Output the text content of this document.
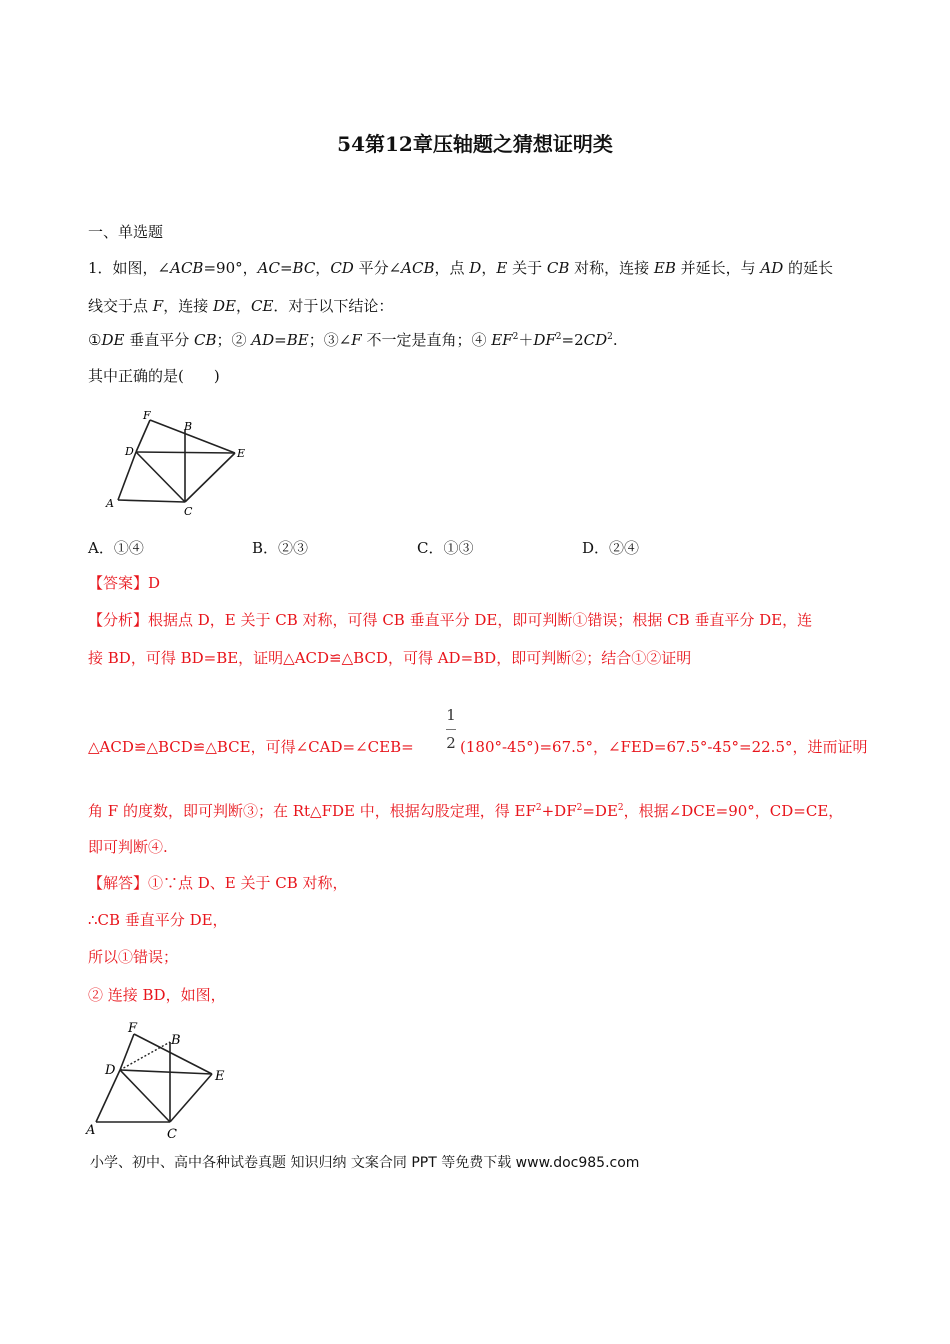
54第12章压轴题之猜想证明类
一、单选题
1．如图，∠ACB=90°，AC=BC，CD 平分∠ACB，点 D，E 关于 CB 对称，连接 EB 并延长，与 AD 的延长
线交于点 F，连接 DE，CE．对于以下结论：
①DE 垂直平分 CB；② AD=BE；③∠F 不一定是直角；④ $EF^2+DF^2=2CD^2$.
其中正确的是(　　)
F
B
D	E
A
C
A．①④	B．②③	C．①③	D．②④
【答案】D
【分析】根据点 D，E 关于 CB 对称，可得 CB 垂直平分 DE，即可判断①错误；根据 CB 垂直平分 DE，连
接 BD，可得 BD=BE，证明△ACD≌△BCD，可得 AD=BD，即可判断②；结合①②证明
1
2
△ACD≌△BCD≌△BCE，可得∠CAD=∠CEB=	(180°-45°)=67.5°，∠FED=67.5°-45°=22.5°，进而证明
角 F 的度数，即可判断③；在 Rt△FDE 中，根据勾股定理，得 $EF^2+DF^2=DE^2$，根据∠DCE=90°，CD=CE，
即可判断④.
【解答】①∵点 D、E 关于 CB 对称，
∴CB 垂直平分 DE，
所以①错误；
② 连接 BD，如图，
F
B
D	E
A	C
小学、初中、高中各种试卷真题 知识归纳 文案合同 PPT 等免费下载 www.doc985.com
